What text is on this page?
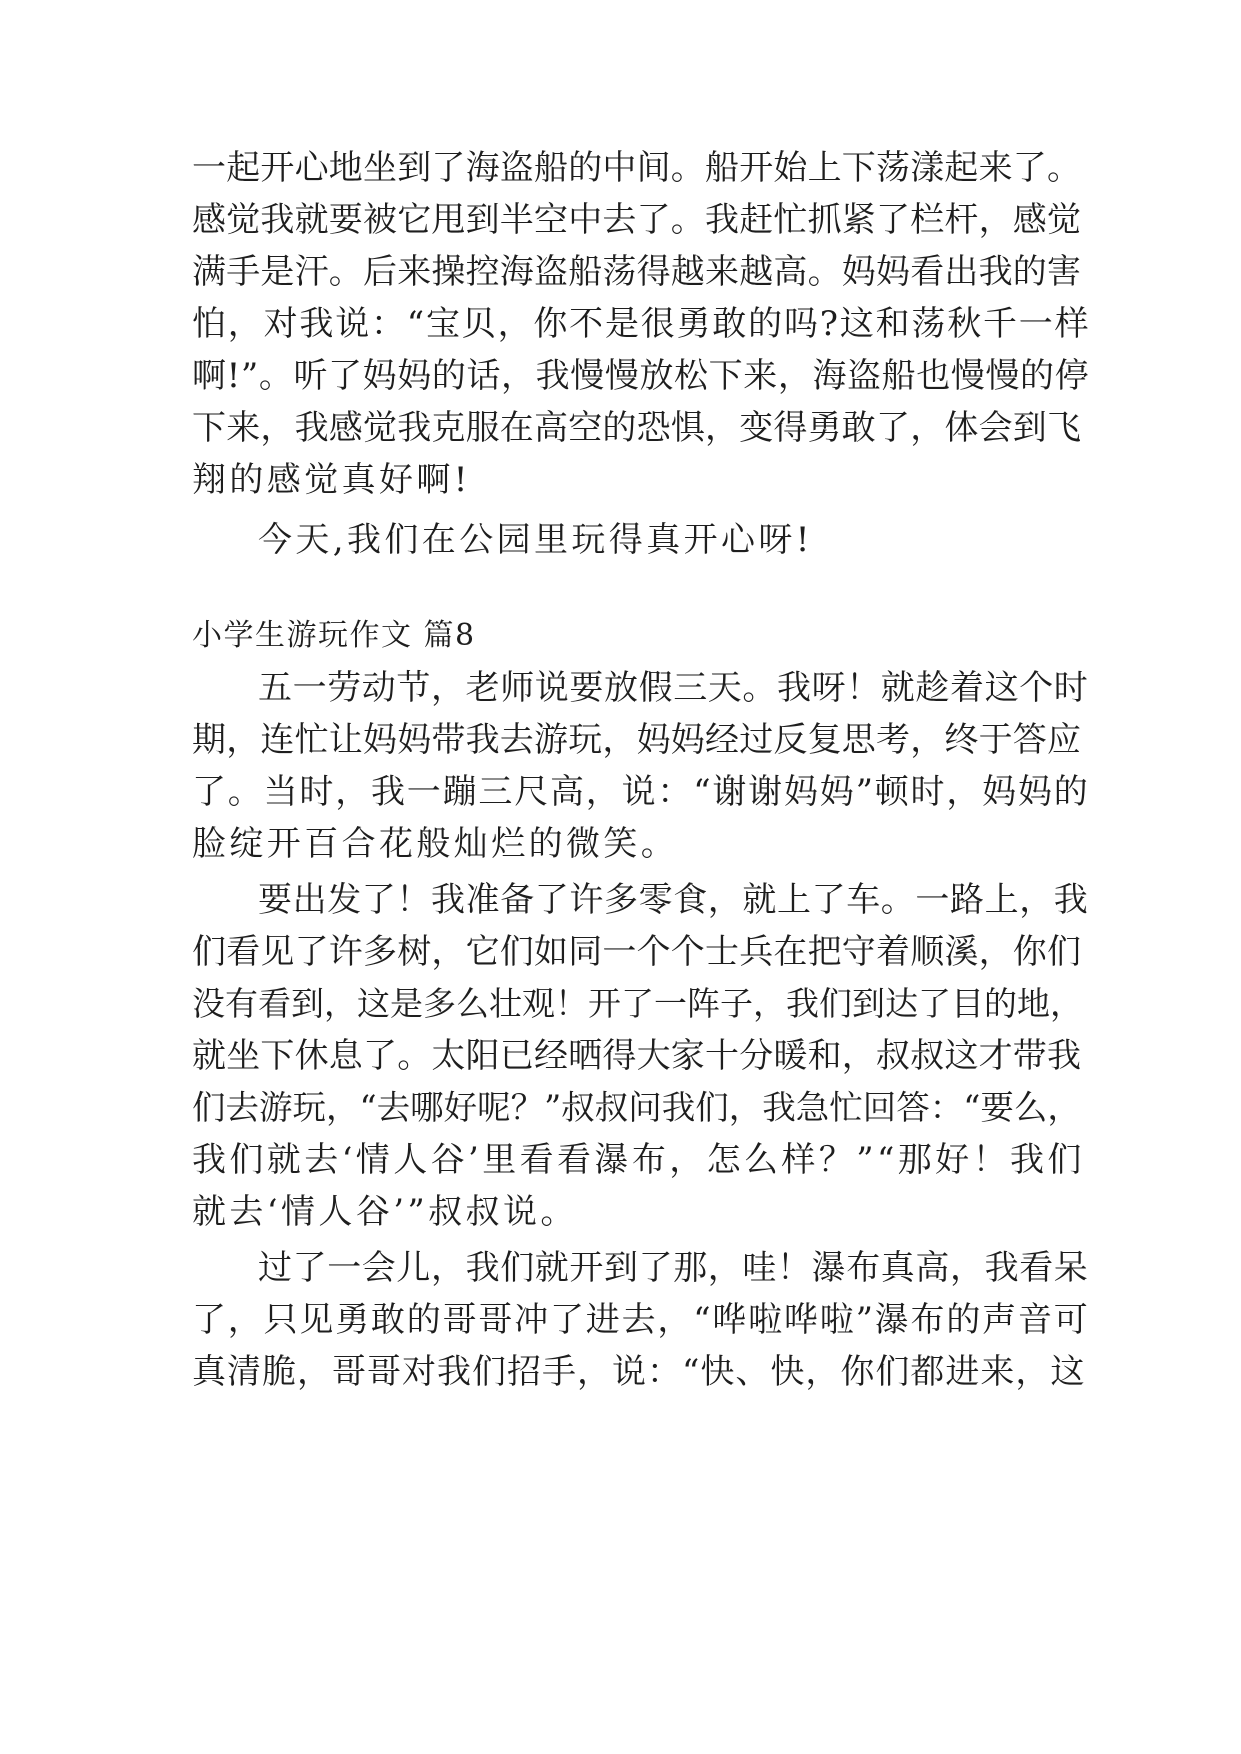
一起开心地坐到了海盗船的中间。船开始上下荡漾起来了。
感觉我就要被它甩到半空中去了。我赶忙抓紧了栏杆，感觉
满手是汗。后来操控海盗船荡得越来越高。妈妈看出我的害
怕，对我说：“宝贝，你不是很勇敢的吗?这和荡秋千一样
啊!”。听了妈妈的话，我慢慢放松下来，海盗船也慢慢的停
下来，我感觉我克服在高空的恐惧，变得勇敢了，体会到飞
翔的感觉真好啊!
今天,我们在公园里玩得真开心呀!
小学生游玩作文 篇8
五一劳动节，老师说要放假三天。我呀！就趁着这个时
期，连忙让妈妈带我去游玩，妈妈经过反复思考，终于答应
了。当时，我一蹦三尺高，说：“谢谢妈妈”顿时，妈妈的
脸绽开百合花般灿烂的微笑。
要出发了！我准备了许多零食，就上了车。一路上，我
们看见了许多树，它们如同一个个士兵在把守着顺溪，你们
没有看到，这是多么壮观！开了一阵子，我们到达了目的地，
就坐下休息了。太阳已经晒得大家十分暖和，叔叔这才带我
们去游玩，“去哪好呢？”叔叔问我们，我急忙回答：“要么，
我们就去‘情人谷’里看看瀑布，怎么样？”“那好！我们
就去‘情人谷’”叔叔说。
过了一会儿，我们就开到了那，哇！瀑布真高，我看呆
了，只见勇敢的哥哥冲了进去，“哗啦哗啦”瀑布的声音可
真清脆，哥哥对我们招手，说：“快、快，你们都进来，这
